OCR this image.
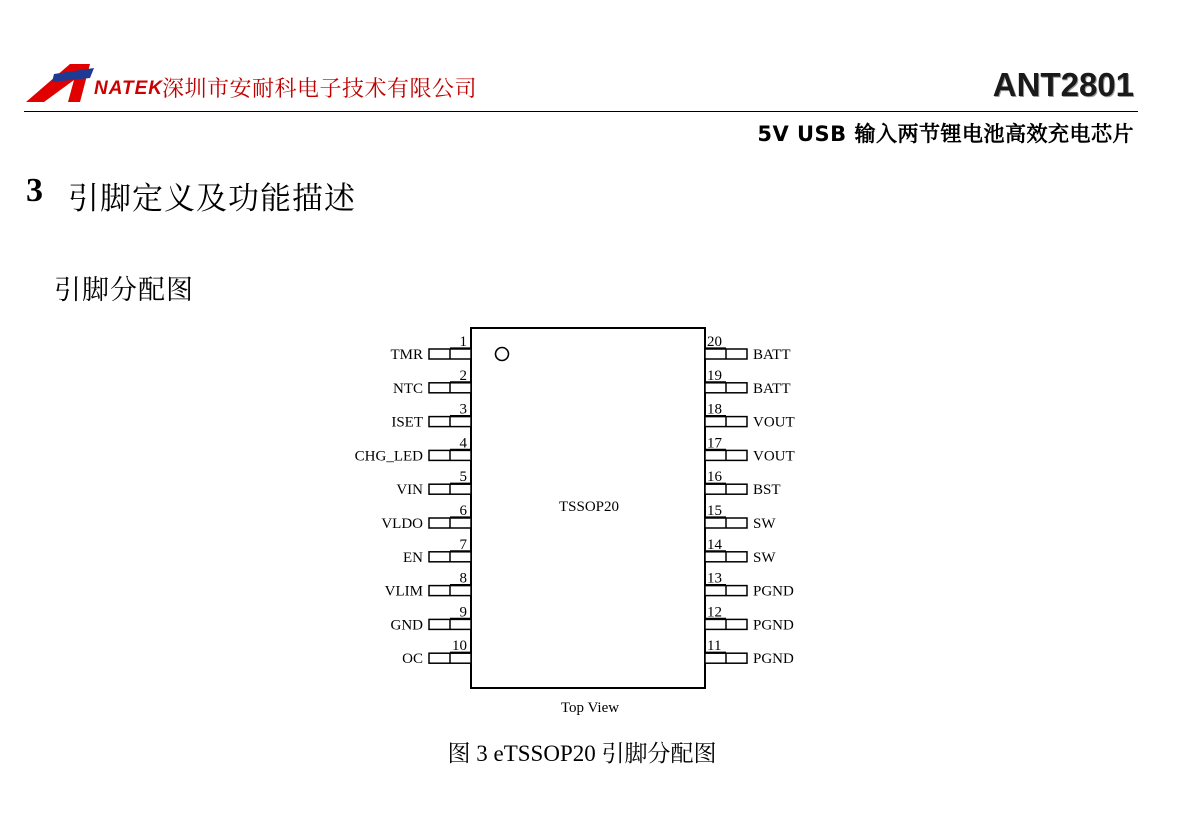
NATEK
深圳市安耐科电子技术有限公司	ANT2801
5V USB 输入两节锂电池高效充电芯片
3 引脚定义及功能描述
引脚分配图
TSSOP20
Top View
1
TMR
2
NTC
3
ISET
4
CHG_LED
5
VIN
6
VLDO
7
EN
8
VLIM
9
GND
10
OC
20
BATT
19
BATT
18
VOUT
17
VOUT
16
BST
15
SW
14
SW
13
PGND
12
PGND
11
PGND
图 3 eTSSOP20 引脚分配图
